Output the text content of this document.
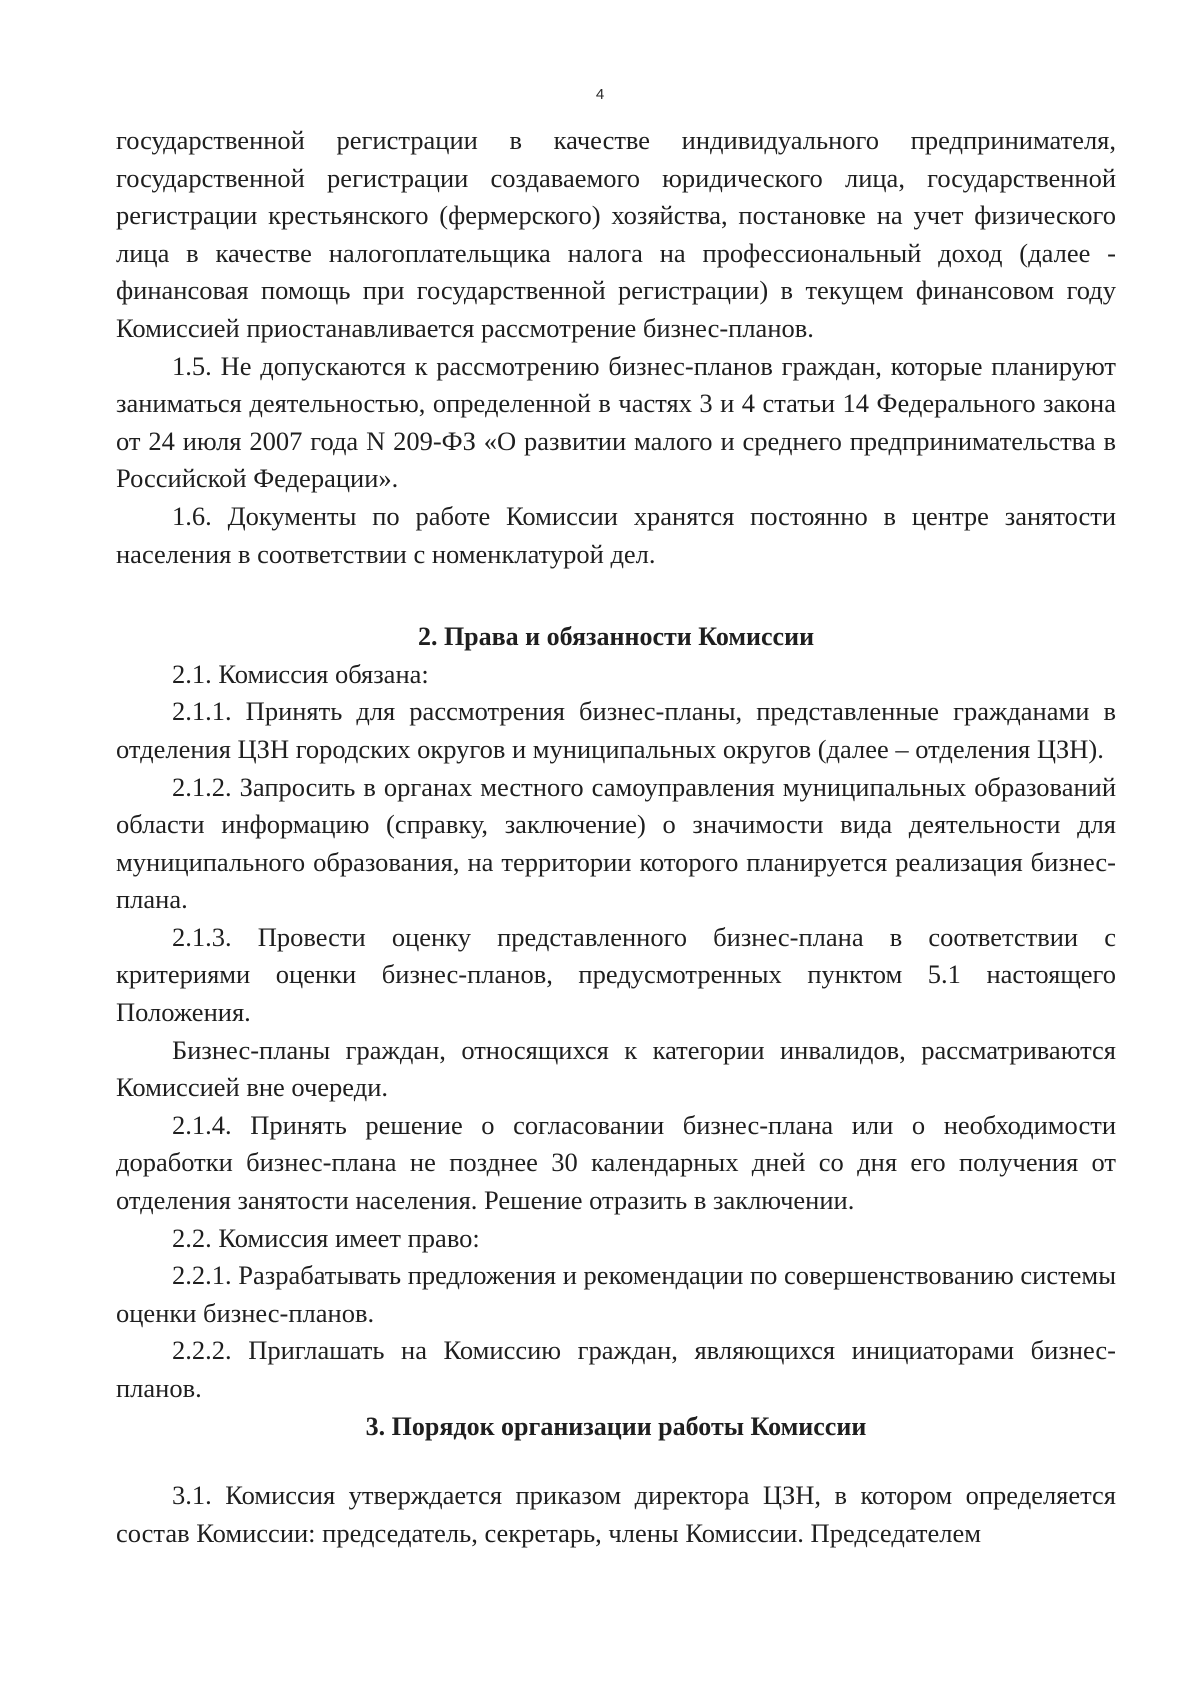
4

государственной регистрации в качестве индивидуального предпринимателя, государственной регистрации создаваемого юридического лица, государственной регистрации крестьянского (фермерского) хозяйства, постановке на учет физического лица в качестве налогоплательщика налога на профессиональный доход (далее - финансовая помощь при государственной регистрации) в текущем финансовом году Комиссией приостанавливается рассмотрение бизнес-планов.

1.5. Не допускаются к рассмотрению бизнес-планов граждан, которые планируют заниматься деятельностью, определенной в частях 3 и 4 статьи 14 Федерального закона от 24 июля 2007 года N 209-ФЗ «О развитии малого и среднего предпринимательства в Российской Федерации».

1.6. Документы по работе Комиссии хранятся постоянно в центре занятости населения в соответствии с номенклатурой дел.

2. Права и обязанности Комиссии

2.1. Комиссия обязана:

2.1.1. Принять для рассмотрения бизнес-планы, представленные гражданами в отделения ЦЗН городских округов и муниципальных округов (далее – отделения ЦЗН).

2.1.2. Запросить в органах местного самоуправления муниципальных образований области информацию (справку, заключение) о значимости вида деятельности для муниципального образования, на территории которого планируется реализация бизнес-плана.

2.1.3. Провести оценку представленного бизнес-плана в соответствии с критериями оценки бизнес-планов, предусмотренных пунктом 5.1 настоящего Положения.

Бизнес-планы граждан, относящихся к категории инвалидов, рассматриваются Комиссией вне очереди.

2.1.4. Принять решение о согласовании бизнес-плана или о необходимости доработки бизнес-плана не позднее 30 календарных дней со дня его получения от отделения занятости населения. Решение отразить в заключении.

2.2. Комиссия имеет право:

2.2.1. Разрабатывать предложения и рекомендации по совершенствованию системы оценки бизнес-планов.

2.2.2. Приглашать на Комиссию граждан, являющихся инициаторами бизнес-планов.

3. Порядок организации работы Комиссии

3.1. Комиссия утверждается приказом директора ЦЗН, в котором определяется состав Комиссии: председатель, секретарь, члены Комиссии. Председателем
